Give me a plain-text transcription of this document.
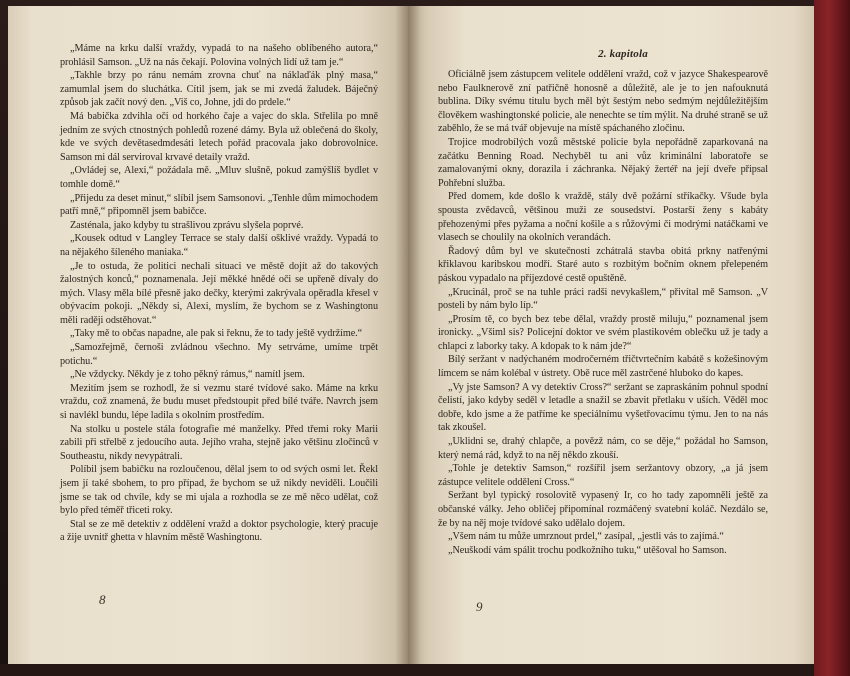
„Máme na krku další vraždy, vypadá to na našeho oblíbeného autora,“ prohlásil Samson. „Už na nás čekají. Polovina volných lidí už tam je.“

„Takhle brzy po ránu nemám zrovna chuť na náklaďák plný masa,“ zamumlal jsem do sluchátka. Cítil jsem, jak se mi zvedá žaludek. Báječný způsob jak začít nový den. „Viš co, Johne, jdi do prdele.“

Má babička zdvihla oči od horkého čaje a vajec do skla. Střelila po mně jedním ze svých ctnostných pohledů rozené dámy. Byla už oblečená do školy, kde ve svých devětasedmdesáti letech pořád pracovala jako dobrovolnice. Samson mi dál serviroval krvavé detaily vražd.

„Ovládej se, Alexi,“ požádala mě. „Mluv slušně, pokud zamýšlíš bydlet v tomhle domě.“

„Přijedu za deset minut,“ slíbil jsem Samsonovi. „Tenhle dům mimochodem patří mně,“ připomněl jsem babičce.

Zasténala, jako kdyby tu strašlivou zprávu slyšela poprvé.

„Kousek odtud v Langley Terrace se staly další ošklivé vraždy. Vypadá to na nějakého šíleného maniaka.“

„Je to ostuda, že politici nechali situaci ve městě dojít až do takových žalostných konců,“ poznamenala. Její měkké hnědé oči se upřeně dívaly do mých. Vlasy měla bílé přesně jako dečky, kterými zakrývala opěradla křesel v obývacím pokoji. „Někdy si, Alexi, myslím, že bychom se z Washingtonu měli raději odstěhovat.“

„Taky mě to občas napadne, ale pak si řeknu, že to tady ještě vydržíme.“

„Samozřejmě, černoši zvládnou všechno. My setrváme, umíme trpět potichu.“

„Ne vždycky. Někdy je z toho pěkný rámus,“ namítl jsem.

Mezitím jsem se rozhodl, že si vezmu staré tvídové sako. Máme na krku vraždu, což znamená, že budu muset předstoupit před bílé tváře. Navrch jsem si navlékl bundu, lépe ladila s okolním prostředím.

Na stolku u postele stála fotografie mé manželky. Před třemi roky Marii zabili při střelbě z jedoucího auta. Jejího vraha, stejně jako většinu zločinců v Southeastu, nikdy nevypátrali.

Políbil jsem babičku na rozloučenou, dělal jsem to od svých osmi let. Řekl jsem jí také sbohem, to pro případ, že bychom se už nikdy neviděli. Loučili jsme se tak od chvíle, kdy se mi ujala a rozhodla se ze mě něco udělat, což bylo před téměř třiceti roky.

Stal se ze mě detektiv z oddělení vražd a doktor psychologie, který pracuje a žije uvnitř ghetta v hlavním městě Washingtonu.

2. kapitola

Oficiálně jsem zástupcem velitele oddělení vražd, což v jazyce Shakespearově nebo Faulknerově zní patřičně honosně a důležitě, ale je to jen nafouknutá bublina. Díky svému titulu bych měl být šestým nebo sedmým nejdůležitějším člověkem washingtonské policie, ale nenechte se tím mýlit. Na druhé straně se už zaběhlo, že se má tvář objevuje na místě spáchaného zločinu.

Trojice modrobílých vozů městské policie byla nepořádně zaparkovaná na začátku Benning Road. Nechyběl tu ani vůz kriminální laboratoře se zamalovanými okny, dorazila i záchranka. Nějaký žertéř na její dveře připsal Pohřební služba.

Před domem, kde došlo k vraždě, stály dvě požární stříkačky. Všude byla spousta zvědavců, většinou muži ze sousedství. Postarší ženy s kabáty přehozenými přes pyžama a noční košile a s růžovými či modrými natáčkami ve vlasech se choulily na okolních verandách.

Řadový dům byl ve skutečnosti zchátralá stavba obitá prkny natřenými křiklavou karibskou modří. Staré auto s rozbitým bočním oknem přelepeném páskou vypadalo na příjezdové cestě opuštěně.

„Krucinál, proč se na tuhle práci radši nevykašlem,“ přivítal mě Samson. „V posteli by nám bylo líp.“

„Prosím tě, co bych bez tebe dělal, vraždy prostě miluju,“ poznamenal jsem ironicky. „Všiml sis? Policejní doktor ve svém plastikovém oblečku už je tady a chlapci z laborky taky. A kdopak to k nám jde?“

Bílý seržant v nadýchaném modročerném třičtvrtečním kabátě s kožešinovým límcem se nám kolébal v ústrety. Obě ruce měl zastrčené hluboko do kapes.

„Vy jste Samson? A vy detektiv Cross?“ seržant se zapraskáním pohnul spodní čelistí, jako kdyby seděl v letadle a snažil se zbavit přetlaku v uších. Věděl moc dobře, kdo jsme a že patříme ke speciálnímu vyšetřovacímu týmu. Jen to na nás tak zkoušel.

„Uklidni se, drahý chlapče, a povězž nám, co se děje,“ požádal ho Samson, který nemá rád, když to na něj někdo zkouší.

„Tohle je detektiv Samson,“ rozšířil jsem seržantovy obzory, „a já jsem zástupce velitele oddělení Cross.“

Seržant byl typický rosolovitě vypasený Ir, co ho tady zapomněli ještě za občanské války. Jeho obličej připomínal rozmáčený svatební koláč. Nezdálo se, že by na něj moje tvídové sako udělalo dojem.

„Všem nám tu může umrznout prdel,“ zasípal, „jestli vás to zajímá.“

„Neuškodí vám spálit trochu podkožního tuku,“ utěšoval ho Samson.

8	9
